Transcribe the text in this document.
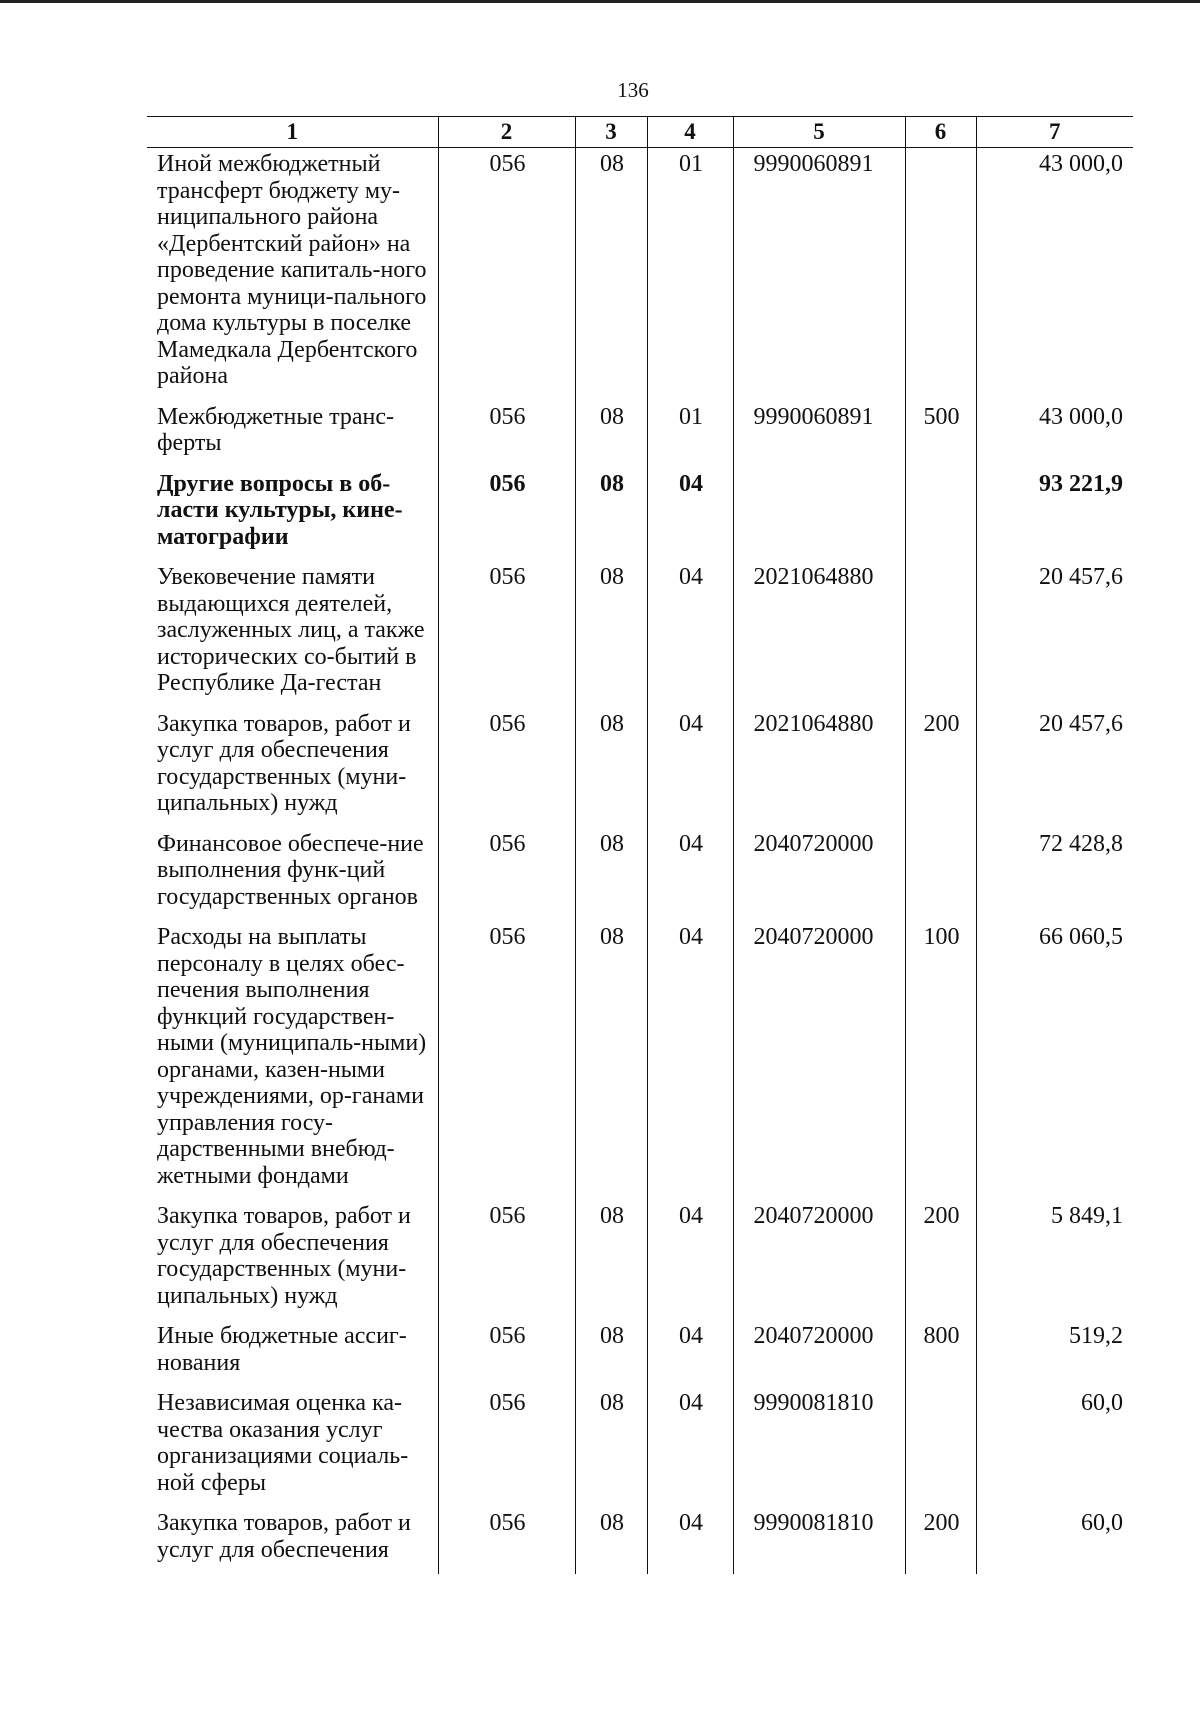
136
1	2	3	4	5	6	7
Иной межбюджетный трансферт бюджету му-ниципального района «Дербентский район» на проведение капиталь-ного ремонта муници-пального дома культуры в поселке Мамедкала Дербентского района	056	08	01	9990060891		43 000,0
Межбюджетные транс-ферты	056	08	01	9990060891	500	43 000,0
Другие вопросы в об-ласти культуры, кине-матографии	056	08	04			93 221,9
Увековечение памяти выдающихся деятелей, заслуженных лиц, а также исторических со-бытий в Республике Да-гестан	056	08	04	2021064880		20 457,6
Закупка товаров, работ и услуг для обеспечения государственных (муни-ципальных) нужд	056	08	04	2021064880	200	20 457,6
Финансовое обеспече-ние выполнения функ-ций государственных органов	056	08	04	2040720000		72 428,8
Расходы на выплаты персоналу в целях обес-печения выполнения функций государствен-ными (муниципаль-ными) органами, казен-ными учреждениями, ор-ганами управления госу-дарственными внебюд-жетными фондами	056	08	04	2040720000	100	66 060,5
Закупка товаров, работ и услуг для обеспечения государственных (муни-ципальных) нужд	056	08	04	2040720000	200	5 849,1
Иные бюджетные ассиг-нования	056	08	04	2040720000	800	519,2
Независимая оценка ка-чества оказания услуг организациями социаль-ной сферы	056	08	04	9990081810		60,0
Закупка товаров, работ и услуг для обеспечения	056	08	04	9990081810	200	60,0
